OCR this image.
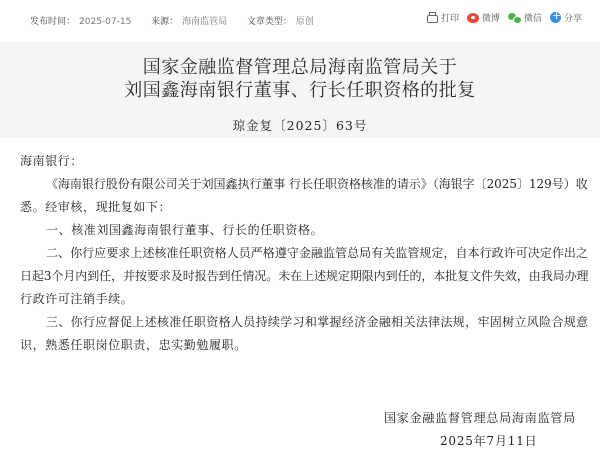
发布时间： 2025-07-15 来源： 海南监管局 文章类型： 原创	打印	微博	微信
+ 分享
国家金融监督管理总局海南监管局关于
刘国鑫海南银行董事、行长任职资格的批复
琼金复〔2025〕63号
海南银行：
《海南银行股份有限公司关于刘国鑫执行董事 行长任职资格核准的请示》（海银字〔2025〕129号）收
悉。经审核，现批复如下：
一、核准刘国鑫海南银行董事、行长的任职资格。
二、你行应要求上述核准任职资格人员严格遵守金融监管总局有关监管规定，自本行政许可决定作出之
日起3个月内到任，并按要求及时报告到任情况。未在上述规定期限内到任的，本批复文件失效，由我局办理
行政许可注销手续。
三、你行应督促上述核准任职资格人员持续学习和掌握经济金融相关法律法规，牢固树立风险合规意
识，熟悉任职岗位职责，忠实勤勉履职。
国家金融监督管理总局海南监管局
2025年7月11日
